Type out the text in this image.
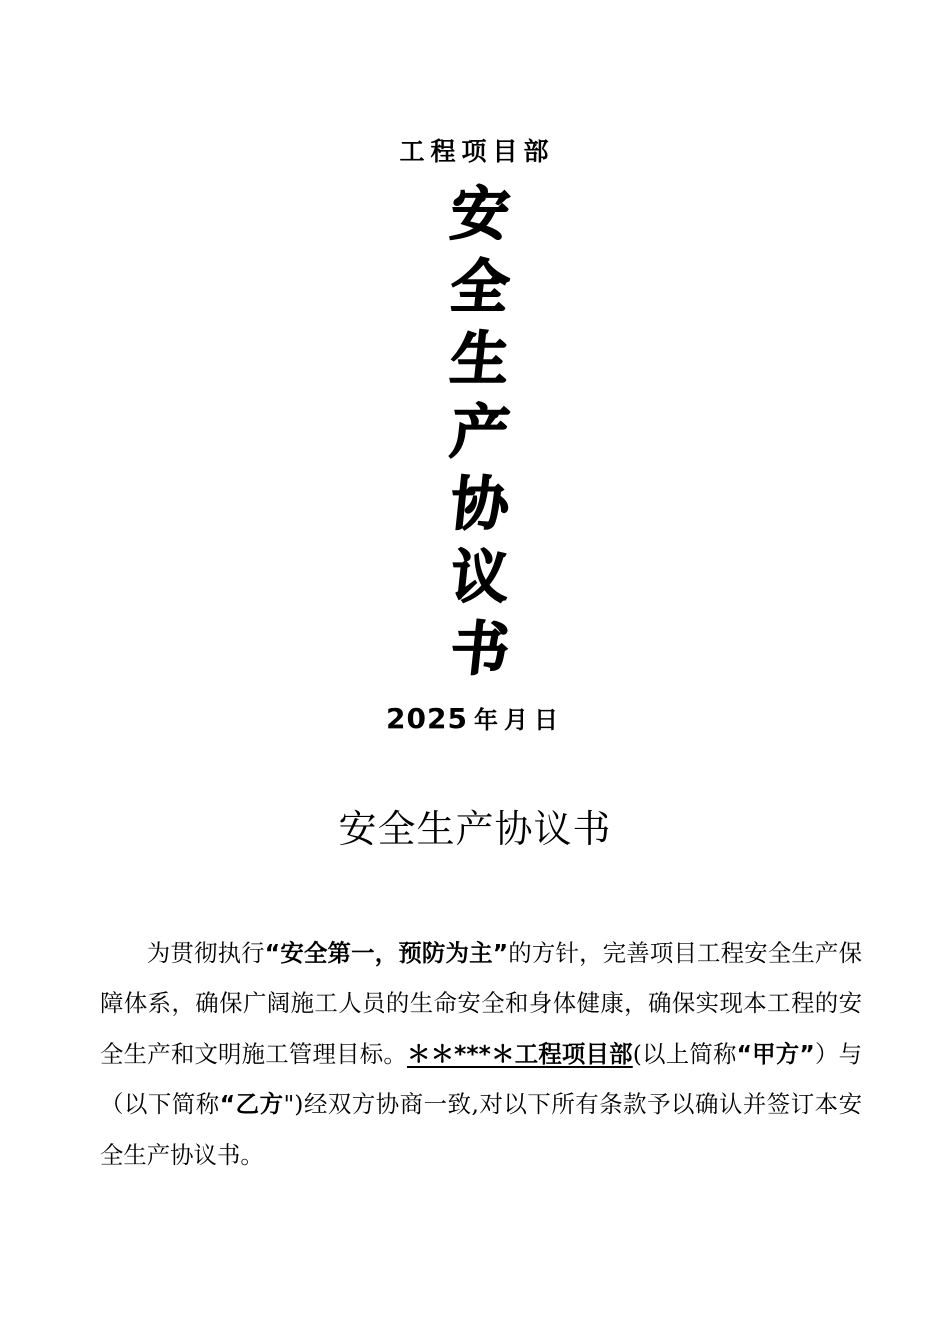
工程项目部
安
全
生
产
协
议
书
2025 年月日
安全生产协议书
为贯彻执行“安全第一，预防为主”的方针，完善项目工程安全生产保障体系，确保广阔施工人员的生命安全和身体健康，确保实现本工程的安全生产和文明施工管理目标。＊＊***＊工程项目部(以上简称“甲方”）与 （以下简称“乙方")经双方协商一致,对以下所有条款予以确认并签订本安全生产协议书。
